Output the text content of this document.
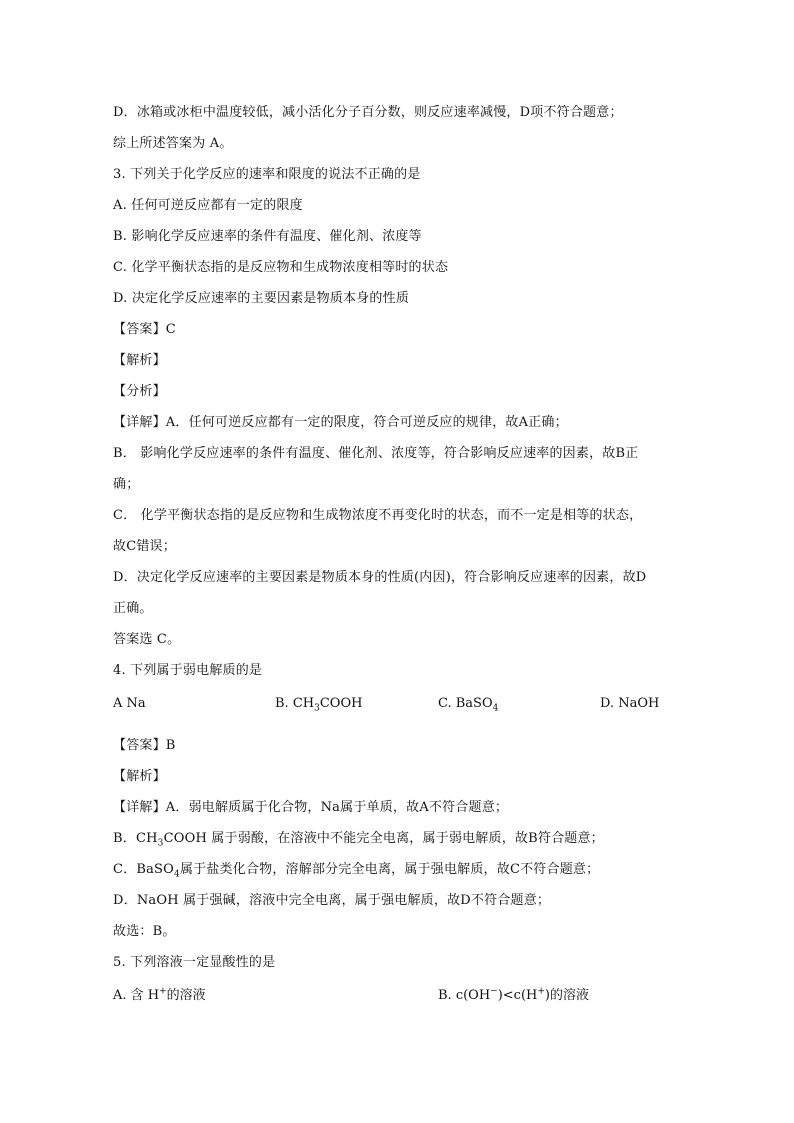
D．冰箱或冰柜中温度较低，减小活化分子百分数，则反应速率减慢，D项不符合题意；
综上所述答案为 A。
3. 下列关于化学反应的速率和限度的说法不正确的是
A. 任何可逆反应都有一定的限度
B. 影响化学反应速率的条件有温度、催化剂、浓度等
C. 化学平衡状态指的是反应物和生成物浓度相等时的状态
D. 决定化学反应速率的主要因素是物质本身的性质
【答案】C
【解析】
【分析】
【详解】A．任何可逆反应都有一定的限度，符合可逆反应的规律，故A正确；
B． 影响化学反应速率的条件有温度、催化剂、浓度等，符合影响反应速率的因素，故B正
确；
C． 化学平衡状态指的是反应物和生成物浓度不再变化时的状态，而不一定是相等的状态，
故C错误；
D．决定化学反应速率的主要因素是物质本身的性质(内因)，符合影响反应速率的因素，故D
正确。
答案选 C。
4. 下列属于弱电解质的是
A Na	B. $CH_3COOH$	C. BaSO$_4$	D. NaOH
【答案】B
【解析】
【详解】A．弱电解质属于化合物，Na属于单质，故A不符合题意；
B．$CH_3COOH$ 属于弱酸，在溶液中不能完全电离，属于弱电解质，故B符合题意；
C．BaSO$_4$属于盐类化合物，溶解部分完全电离，属于强电解质，故C不符合题意；
D．NaOH 属于强碱，溶液中完全电离，属于强电解质，故D不符合题意；
故选：B。
5. 下列溶液一定显酸性的是
A. 含 H+的溶液	B. c(OH−)<c(H+)的溶液
